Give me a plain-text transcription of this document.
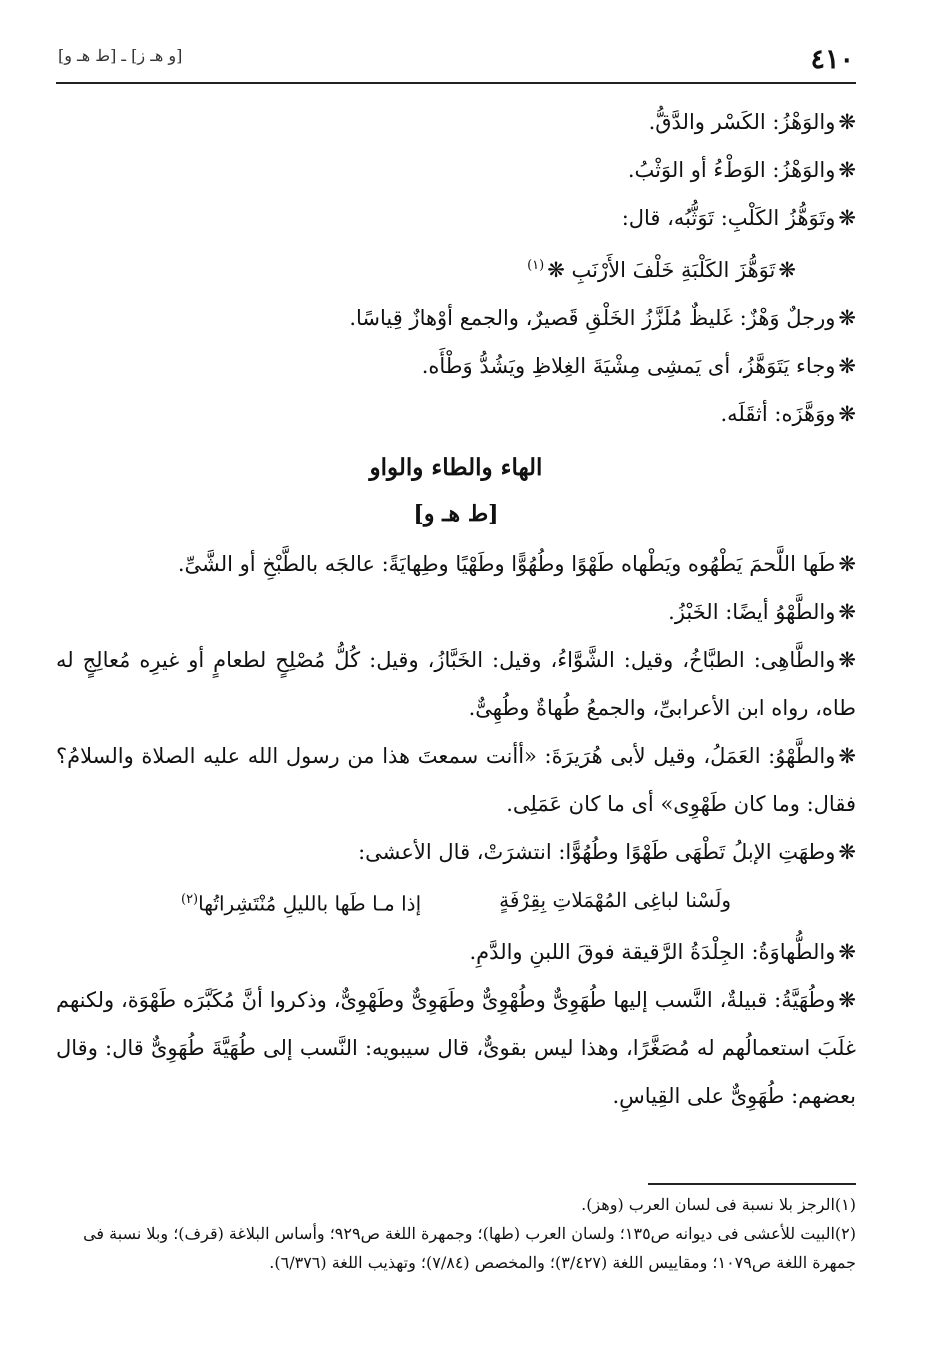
٤١٠
[و هـ ز] ـ [ط هـ و]

❋والوَهْزُ: الكَسْر والدَّقُّ.

❋والوَهْزُ: الوَطْءُ أو الوَثْبُ.

❋وتَوَهُّزُ الكَلْبِ: تَوَثُّبُه، قال:

❋تَوَهُّزَ الكَلْبَةِ خَلْفَ الأَرْنَبِ ❋$^{(١)}$

❋ورجلٌ وَهْزٌ: غَليظٌ مُلَزَّزُ الخَلْقِ قَصيرٌ، والجمع أوْهازٌ قِياسًا.

❋وجاء يَتَوَهَّزُ، أى يَمشِى مِشْيَةَ الغِلاظِ ويَشُدُّ وَطْأَه.

❋ووَهَّزَه: أثقَلَه.

الهاء والطاء والواو
[ط هـ و]

❋طَها اللَّحمَ يَطْهُوه ويَطْهاه طَهْوًا وطُهُوًّا وطَهْيًا وطِهايَةً: عالجَه بالطَّبْخِ أو الشَّىِّ.

❋والطَّهْوُ أيضًا: الخَبْزُ.

❋والطَّاهِى: الطبَّاخُ، وقيل: الشَّوَّاءُ، وقيل: الخَبَّازُ، وقيل: كُلُّ مُصْلِحٍ لطعامٍ أو غيرِه مُعالِجٍ له طاه، رواه ابن الأعرابىِّ، والجمعُ طُهاةٌ وطُهِىٌّ.

❋والطَّهْوُ: العَمَلُ، وقيل لأبى هُرَيرَةَ: «أأنت سمعتَ هذا من رسول الله عليه الصلاة والسلامُ؟ فقال: وما كان طَهْوِى» أى ما كان عَمَلِى.

❋وطهَتِ الإبلُ تَطْهَى طَهْوًا وطُهُوًّا: انتشرَتْ، قال الأعشى:

ولَسْنا لباغِى المُهْمَلاتِ بِقِرْفَةٍ
إذا مـا طَها بالليلِ مُنْتَشِراتُها$^{(٢)}$

❋والطُّهاوَةُ: الجِلْدَةُ الرَّقيقة فوقَ اللبنِ والدَّمِ.

❋وطُهَيَّةُ: قبيلةٌ، النَّسب إليها طُهَوِىٌّ وطُهْوِىٌّ وطَهَوِىٌّ وطَهْوِىٌّ، وذكروا أنَّ مُكَبَّرَه طَهْوَة، ولكنهم غلَبَ استعمالُهم له مُصَغَّرًا، وهذا ليس بقوىٌّ، قال سيبويه: النَّسب إلى طُهَيَّةَ طُهَوِىٌّ قال: وقال بعضهم: طُهَوِىٌّ على القِياسِ.

(١)الرجز بلا نسبة فى لسان العرب (وهز).

(٢)البيت للأعشى فى ديوانه ص١٣٥؛ ولسان العرب (طها)؛ وجمهرة اللغة ص٩٢٩؛ وأساس البلاغة (قرف)؛ وبلا نسبة فى جمهرة اللغة ص١٠٧٩؛ ومقاييس اللغة (٣/٤٢٧)؛ والمخصص (٧/٨٤)؛ وتهذيب اللغة (٦/٣٧٦).
